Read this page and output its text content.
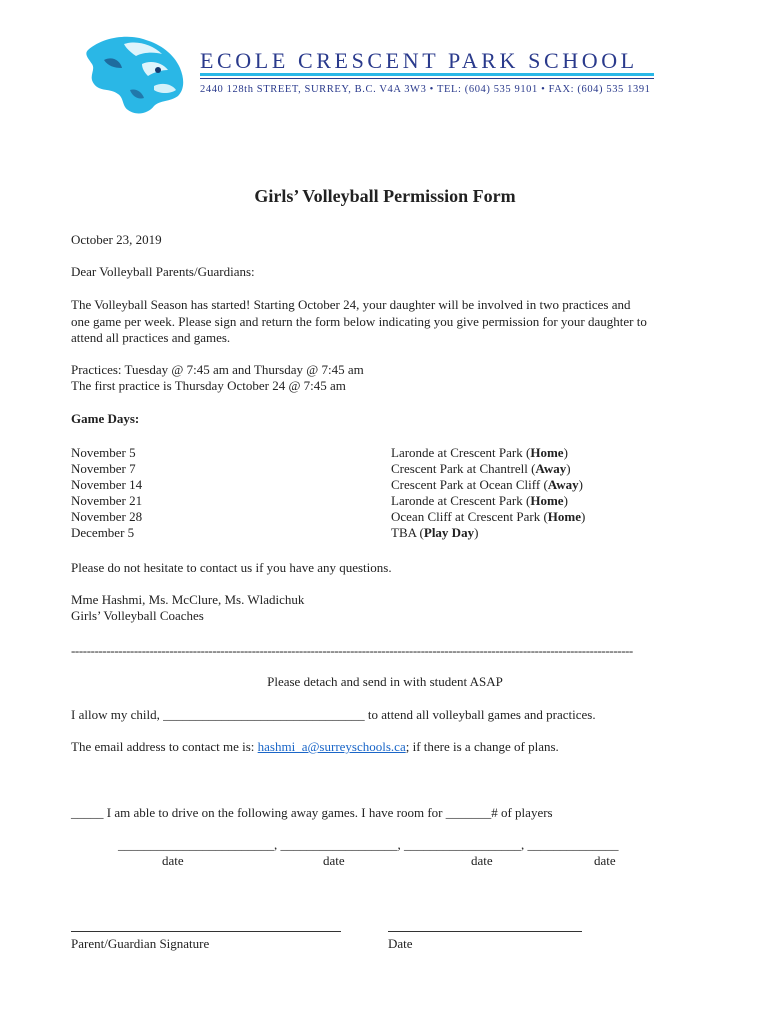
ECOLE CRESCENT PARK SCHOOL
2440 128th STREET, SURREY, B.C. V4A 3W3 • TEL: (604) 535 9101 • FAX: (604) 535 1391
Girls’ Volleyball Permission Form
October 23, 2019
Dear Volleyball Parents/Guardians:
The Volleyball Season has started! Starting October 24, your daughter will be involved in two practices and
one game per week. Please sign and return the form below indicating you give permission for your daughter to
attend all practices and games.
Practices: Tuesday @ 7:45 am and Thursday @ 7:45 am
The first practice is Thursday October 24 @ 7:45 am
Game Days:
November 5	Laronde at Crescent Park (Home)
November 7	Crescent Park at Chantrell (Away)
November 14	Crescent Park at Ocean Cliff (Away)
November 21	Laronde at Crescent Park (Home)
November 28	Ocean Cliff at Crescent Park (Home)
December 5	TBA (Play Day)
Please do not hesitate to contact us if you have any questions.
Mme Hashmi, Ms. McClure, Ms. Wladichuk
Girls’ Volleyball Coaches
-----------------------------------------------------------------------------------------------------------------------------------------------
Please detach and send in with student ASAP
I allow my child, _______________________________ to attend all volleyball games and practices.
The email address to contact me is: hashmi_a@surreyschools.ca; if there is a change of plans.
_____ I am able to drive on the following away games. I have room for _______# of players
________________________, __________________, __________________, ______________
date	date	date	date
Parent/Guardian Signature	Date
